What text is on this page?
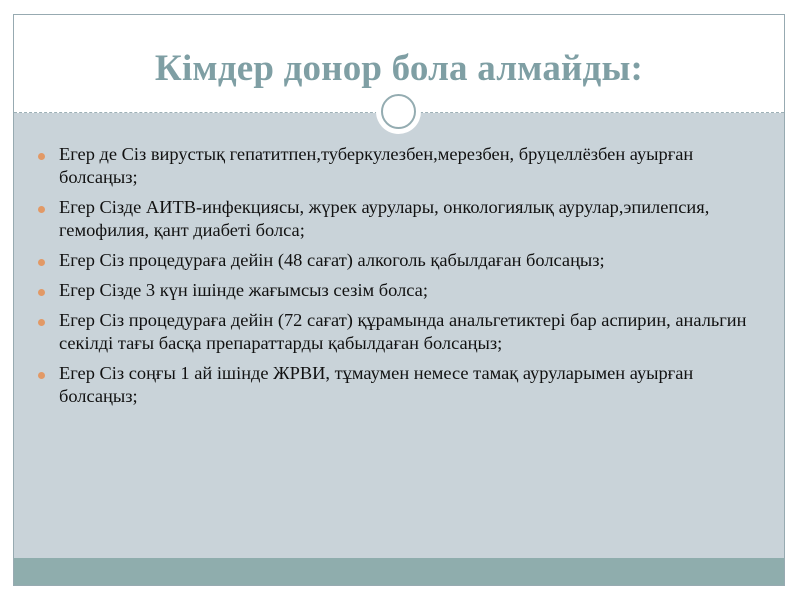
Кімдер донор бола алмайды:
Егер де Сіз вирустық гепатитпен,туберкулезбен,мерезбен, бруцеллёзбен ауырған болсаңыз;
Егер Сізде АИТВ-инфекциясы, жүрек аурулары, онкологиялық аурулар,эпилепсия, гемофилия, қант диабеті болса;
Егер Сіз процедураға дейін (48 сағат) алкоголь қабылдаған болсаңыз;
Егер Сізде 3 күн ішінде жағымсыз сезім болса;
Егер Сіз процедураға дейін (72 сағат) құрамында анальгетиктері бар аспирин, анальгин секілді тағы басқа препараттарды қабылдаған болсаңыз;
Егер Сіз соңғы 1 ай ішінде ЖРВИ, тұмаумен немесе тамақ ауруларымен ауырған болсаңыз;
